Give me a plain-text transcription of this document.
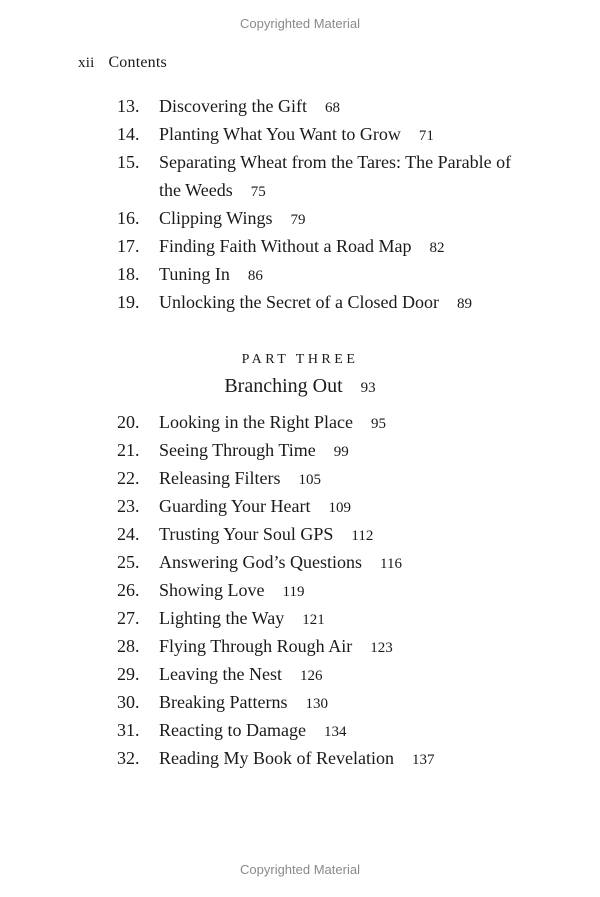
Copyrighted Material
xii Contents
13. Discovering the Gift 68
14. Planting What You Want to Grow 71
15. Separating Wheat from the Tares: The Parable of the Weeds 75
16. Clipping Wings 79
17. Finding Faith Without a Road Map 82
18. Tuning In 86
19. Unlocking the Secret of a Closed Door 89
PART THREE
Branching Out 93
20. Looking in the Right Place 95
21. Seeing Through Time 99
22. Releasing Filters 105
23. Guarding Your Heart 109
24. Trusting Your Soul GPS 112
25. Answering God’s Questions 116
26. Showing Love 119
27. Lighting the Way 121
28. Flying Through Rough Air 123
29. Leaving the Nest 126
30. Breaking Patterns 130
31. Reacting to Damage 134
32. Reading My Book of Revelation 137
Copyrighted Material
